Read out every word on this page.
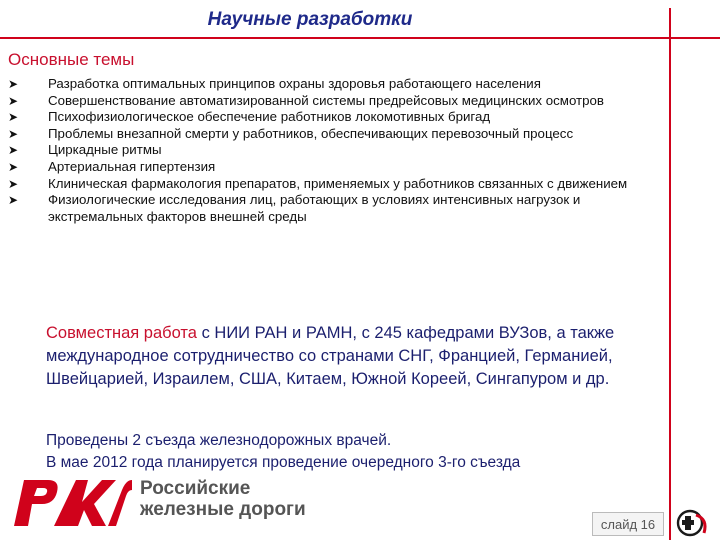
Научные разработки
Основные темы
➤	Разработка оптимальных принципов охраны здоровья работающего населения
➤	Совершенствование автоматизированной системы предрейсовых медицинских осмотров
➤	Психофизиологическое обеспечение работников локомотивных бригад
➤	Проблемы внезапной смерти у работников, обеспечивающих перевозочный процесс
➤	Циркадные ритмы
➤	Артериальная гипертензия
➤	Клиническая фармакология препаратов, применяемых у работников связанных с движением
➤	Физиологические исследования лиц, работающих в условиях интенсивных нагрузок и экстремальных факторов внешней среды
Совместная работа с НИИ РАН и РАМН, с 245 кафедрами ВУЗов, а также международное сотрудничество со странами СНГ, Францией, Германией, Швейцарией, Израилем, США, Китаем, Южной Кореей, Сингапуром и др.
Проведены 2 съезда железнодорожных врачей.
В мае 2012 года планируется проведение очередного 3-го съезда
Российские
железные дороги
слайд 16
